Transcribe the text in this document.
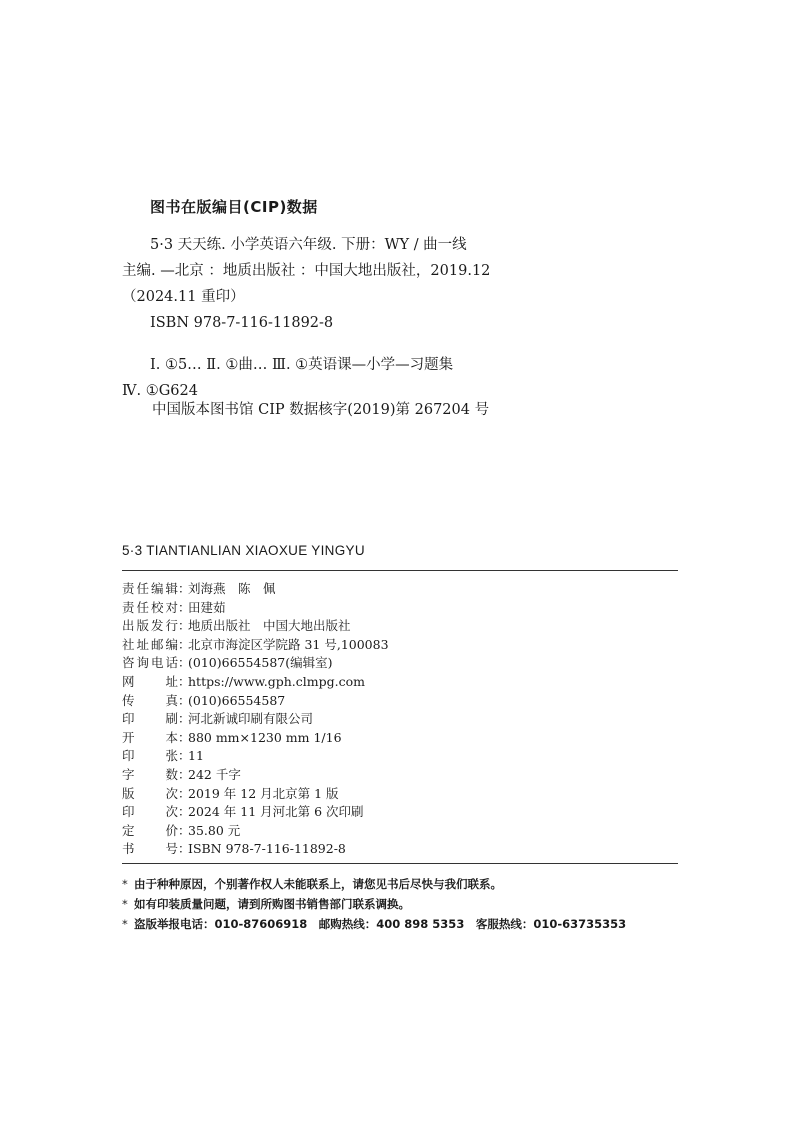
图书在版编目(CIP)数据
5·3 天天练. 小学英语六年级. 下册：WY / 曲一线
主编. —北京 ：地质出版社 ：中国大地出版社，2019.12
（2024.11 重印）
ISBN 978-7-116-11892-8
Ⅰ. ①5… Ⅱ. ①曲… Ⅲ. ①英语课—小学—习题集
Ⅳ. ①G624
中国版本图书馆 CIP 数据核字(2019)第 267204 号
5·3 TIANTIANLIAN XIAOXUE YINGYU
责任编辑 ：
刘海燕　陈　佩
责任校对 ：
田建茹
出版发行 ：
地质出版社　中国大地出版社
社址邮编 ：
北京市海淀区学院路 31 号,100083
咨询电话 ：
(010)66554587(编辑室)
网　　址 ：
https://www.gph.clmpg.com
传　　真 ：
(010)66554587
印　　刷 ：
河北新诚印刷有限公司
开　　本 ：
880 mm×1230 mm 1/16
印　　张 ：
11
字　　数 ：
242 千字
版　　次 ：
2019 年 12 月北京第 1 版
印　　次 ：
2024 年 11 月河北第 6 次印刷
定　　价 ：
35.80 元
书　　号 ：
ISBN 978-7-116-11892-8
* 由于种种原因，个别著作权人未能联系上，请您见书后尽快与我们联系。
* 如有印装质量问题，请到所购图书销售部门联系调换。
* 盗版举报电话：010-87606918　邮购热线：400 898 5353　客服热线：010-63735353
